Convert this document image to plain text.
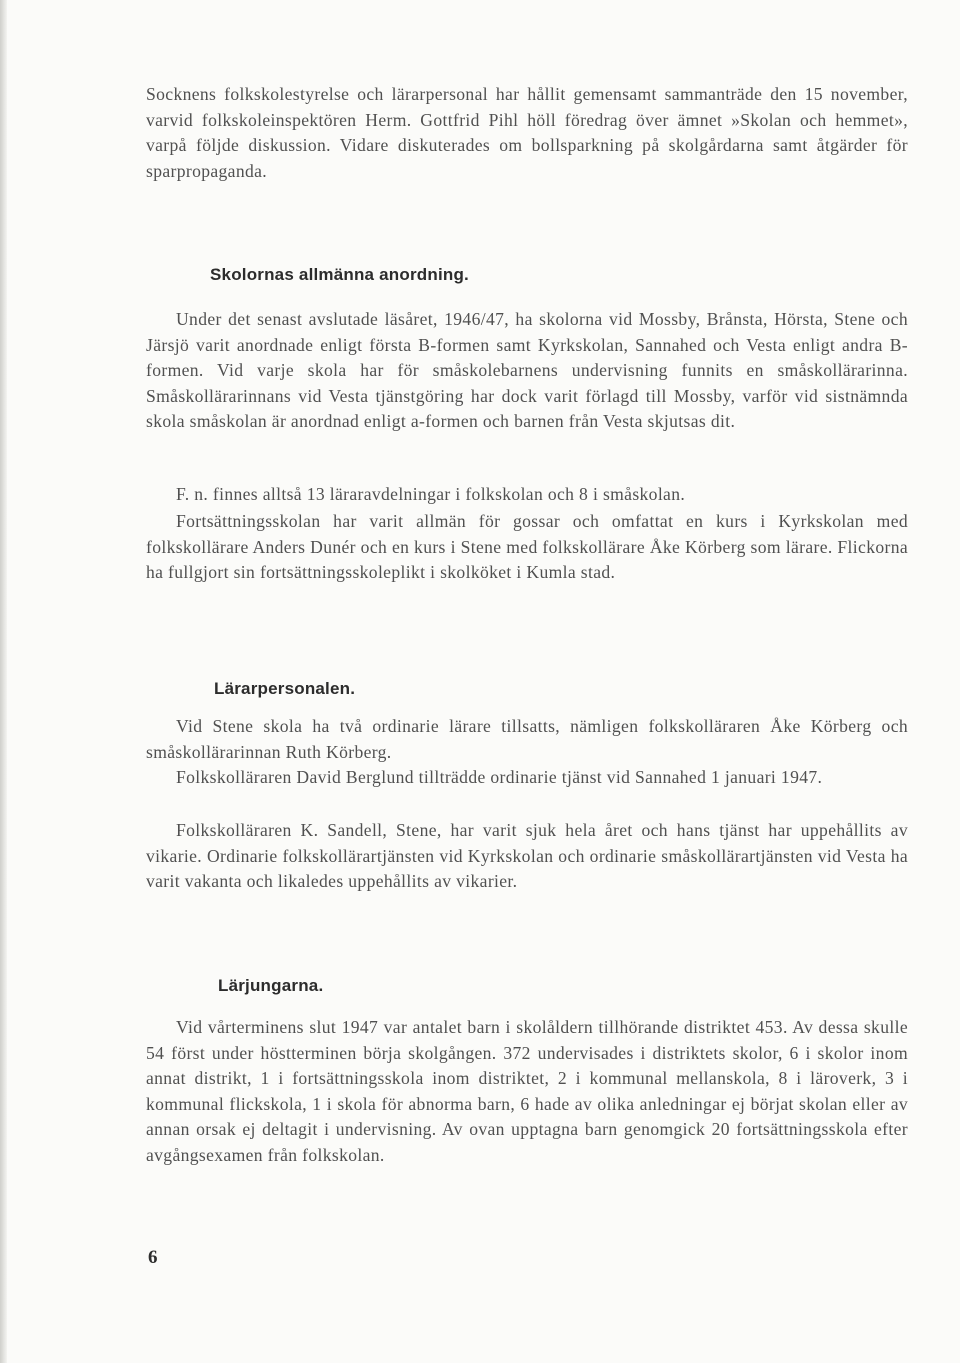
Socknens folkskolestyrelse och lärarpersonal har hållit gemensamt sammanträde den 15 november, varvid folkskoleinspektören Herm. Gottfrid Pihl höll föredrag över ämnet »Skolan och hemmet», varpå följde diskussion. Vidare diskuterades om bollsparkning på skolgårdarna samt åtgärder för sparpropaganda.

Skolornas allmänna anordning.

Under det senast avslutade läsåret, 1946/47, ha skolorna vid Mossby, Brånsta, Hörsta, Stene och Järsjö varit anordnade enligt första B-formen samt Kyrkskolan, Sannahed och Vesta enligt andra B-formen. Vid varje skola har för småskolebarnens undervisning funnits en småskollärarinna. Småskollärarinnans vid Vesta tjänstgöring har dock varit förlagd till Mossby, varför vid sistnämnda skola småskolan är anordnad enligt a-formen och barnen från Vesta skjutsas dit.

F. n. finnes alltså 13 läraravdelningar i folkskolan och 8 i småskolan.

Fortsättningsskolan har varit allmän för gossar och omfattat en kurs i Kyrkskolan med folkskollärare Anders Dunér och en kurs i Stene med folkskollärare Åke Körberg som lärare. Flickorna ha fullgjort sin fortsättningsskoleplikt i skolköket i Kumla stad.

Lärarpersonalen.

Vid Stene skola ha två ordinarie lärare tillsatts, nämligen folkskolläraren Åke Körberg och småskollärarinnan Ruth Körberg.

Folkskolläraren David Berglund tillträdde ordinarie tjänst vid Sannahed 1 januari 1947.

Folkskolläraren K. Sandell, Stene, har varit sjuk hela året och hans tjänst har uppehållits av vikarie. Ordinarie folkskollärartjänsten vid Kyrkskolan och ordinarie småskollärartjänsten vid Vesta ha varit vakanta och likaledes uppehållits av vikarier.

Lärjungarna.

Vid vårterminens slut 1947 var antalet barn i skolåldern tillhörande distriktet 453. Av dessa skulle 54 först under höstterminen börja skolgången. 372 undervisades i distriktets skolor, 6 i skolor inom annat distrikt, 1 i fortsättningsskola inom distriktet, 2 i kommunal mellanskola, 8 i läroverk, 3 i kommunal flickskola, 1 i skola för abnorma barn, 6 hade av olika anledningar ej börjat skolan eller av annan orsak ej deltagit i undervisning. Av ovan upptagna barn genomgick 20 fortsättningsskola efter avgångsexamen från folkskolan.

6
